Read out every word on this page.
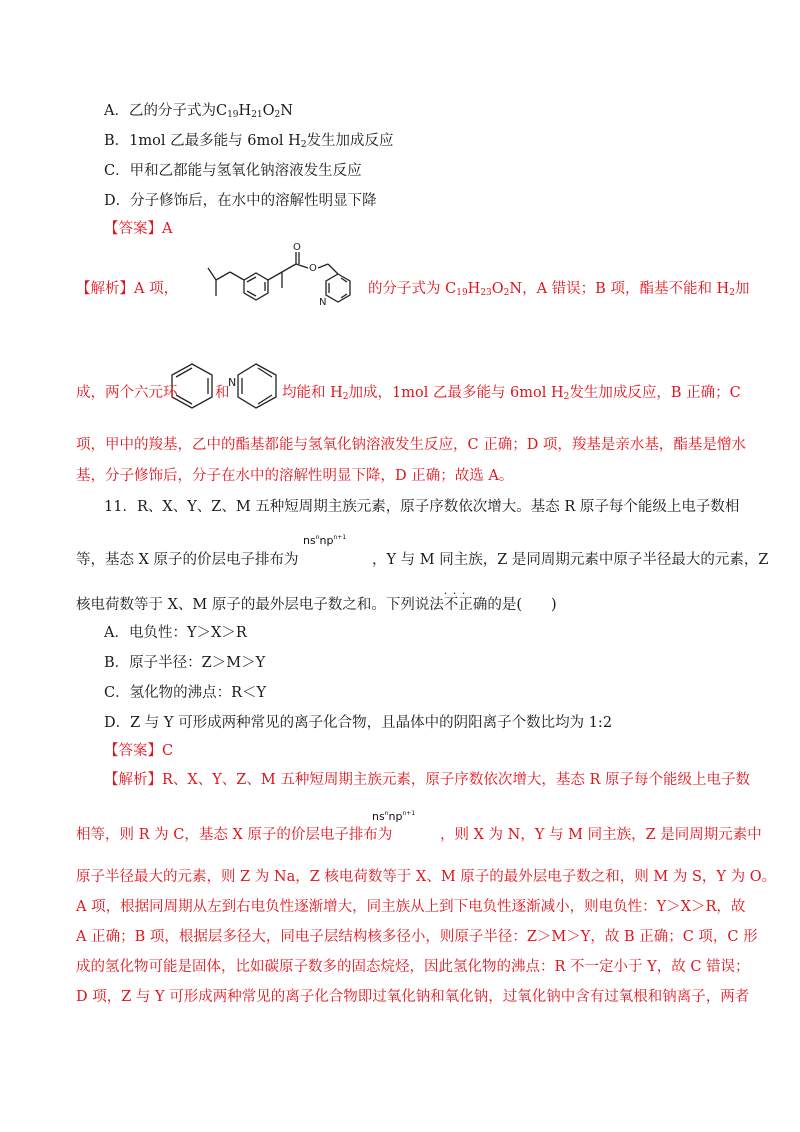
A．乙的分子式为$C_{19}H_{21}O_2N$
B．1mol 乙最多能与 6mol $H_2$发生加成反应
C．甲和乙都能与氢氧化钠溶液发生反应
D．分子修饰后，在水中的溶解性明显下降
【答案】A
O
O
N
【解析】A 项，	的分子式为 $C_{19}H_{23}O_2N$，A 错误；B 项，酯基不能和 $H_2$加
N
成，两个六元环	和	均能和 $H_2$加成，1mol 乙最多能与 6mol $H_2$发生加成反应，B 正确；C
项，甲中的羧基，乙中的酯基都能与氢氧化钠溶液发生反应，C 正确；D 项，羧基是亲水基，酯基是憎水
基，分子修饰后，分子在水中的溶解性明显下降，D 正确；故选 A。
11．R、X、Y、Z、M 五种短周期主族元素，原子序数依次增大。基态 R 原子每个能级上电子数相
$ns^nnp^{n+1}$
等，基态 X 原子的价层电子排布为	，Y 与 M 同主族，Z 是同周期元素中原子半径最大的元素，Z
核电荷数等于 X、M 原子的最外层电子数之和。下列说法· · · 不正确的是(　　)
A．电负性：Y＞X＞R
B．原子半径：Z＞M＞Y
C．氢化物的沸点：R＜Y
D．Z 与 Y 可形成两种常见的离子化合物，且晶体中的阴阳离子个数比均为 1:2
【答案】C
【解析】R、X、Y、Z、M 五种短周期主族元素，原子序数依次增大，基态 R 原子每个能级上电子数
$ns^nnp^{n+1}$
相等，则 R 为 C，基态 X 原子的价层电子排布为	，则 X 为 N，Y 与 M 同主族，Z 是同周期元素中
原子半径最大的元素，则 Z 为 Na，Z 核电荷数等于 X、M 原子的最外层电子数之和，则 M 为 S，Y 为 O。
A 项，根据同周期从左到右电负性逐渐增大，同主族从上到下电负性逐渐减小，则电负性：Y＞X＞R，故
A 正确；B 项，根据层多径大，同电子层结构核多径小，则原子半径：Z＞M＞Y，故 B 正确；C 项，C 形
成的氢化物可能是固体，比如碳原子数多的固态烷烃，因此氢化物的沸点：R 不一定小于 Y，故 C 错误；
D 项，Z 与 Y 可形成两种常见的离子化合物即过氧化钠和氧化钠，过氧化钠中含有过氧根和钠离子，两者
